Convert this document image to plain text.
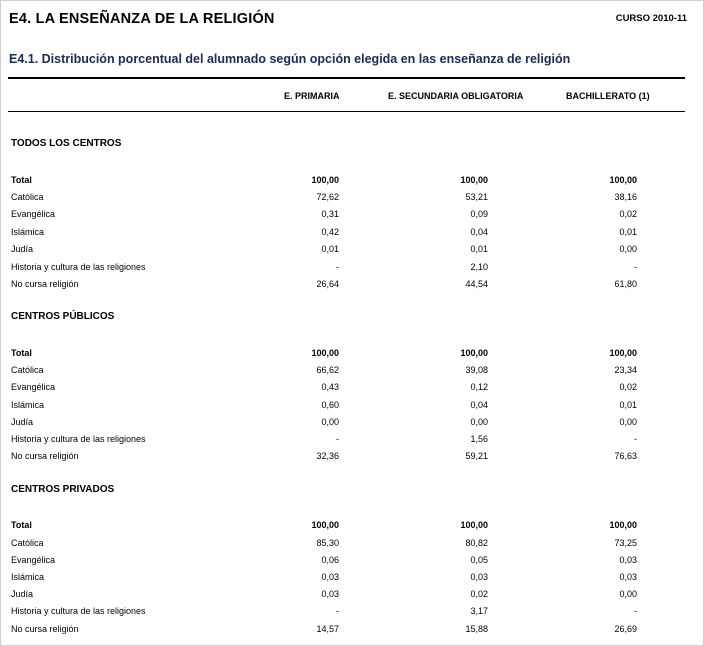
E4. LA ENSEÑANZA DE LA RELIGIÓN	CURSO 2010-11
E4.1. Distribución porcentual del alumnado según opción elegida en las enseñanza de religión
E. PRIMARIA	E. SECUNDARIA OBLIGATORIA	BACHILLERATO (1)
TODOS LOS CENTROS
Total	100,00	100,00	100,00
Católica	72,62	53,21	38,16
Evangélica	0,31	0,09	0,02
Islámica	0,42	0,04	0,01
Judía	0,01	0,01	0,00
Historia y cultura de las religiones	-	2,10	-
No cursa religión	26,64	44,54	61,80
CENTROS PÚBLICOS
Total	100,00	100,00	100,00
Católica	66,62	39,08	23,34
Evangélica	0,43	0,12	0,02
Islámica	0,60	0,04	0,01
Judía	0,00	0,00	0,00
Historia y cultura de las religiones	-	1,56	-
No cursa religión	32,36	59,21	76,63
CENTROS PRIVADOS
Total	100,00	100,00	100,00
Católica	85,30	80,82	73,25
Evangélica	0,06	0,05	0,03
Islámica	0,03	0,03	0,03
Judía	0,03	0,02	0,00
Historia y cultura de las religiones	-	3,17	-
No cursa religión	14,57	15,88	26,69
